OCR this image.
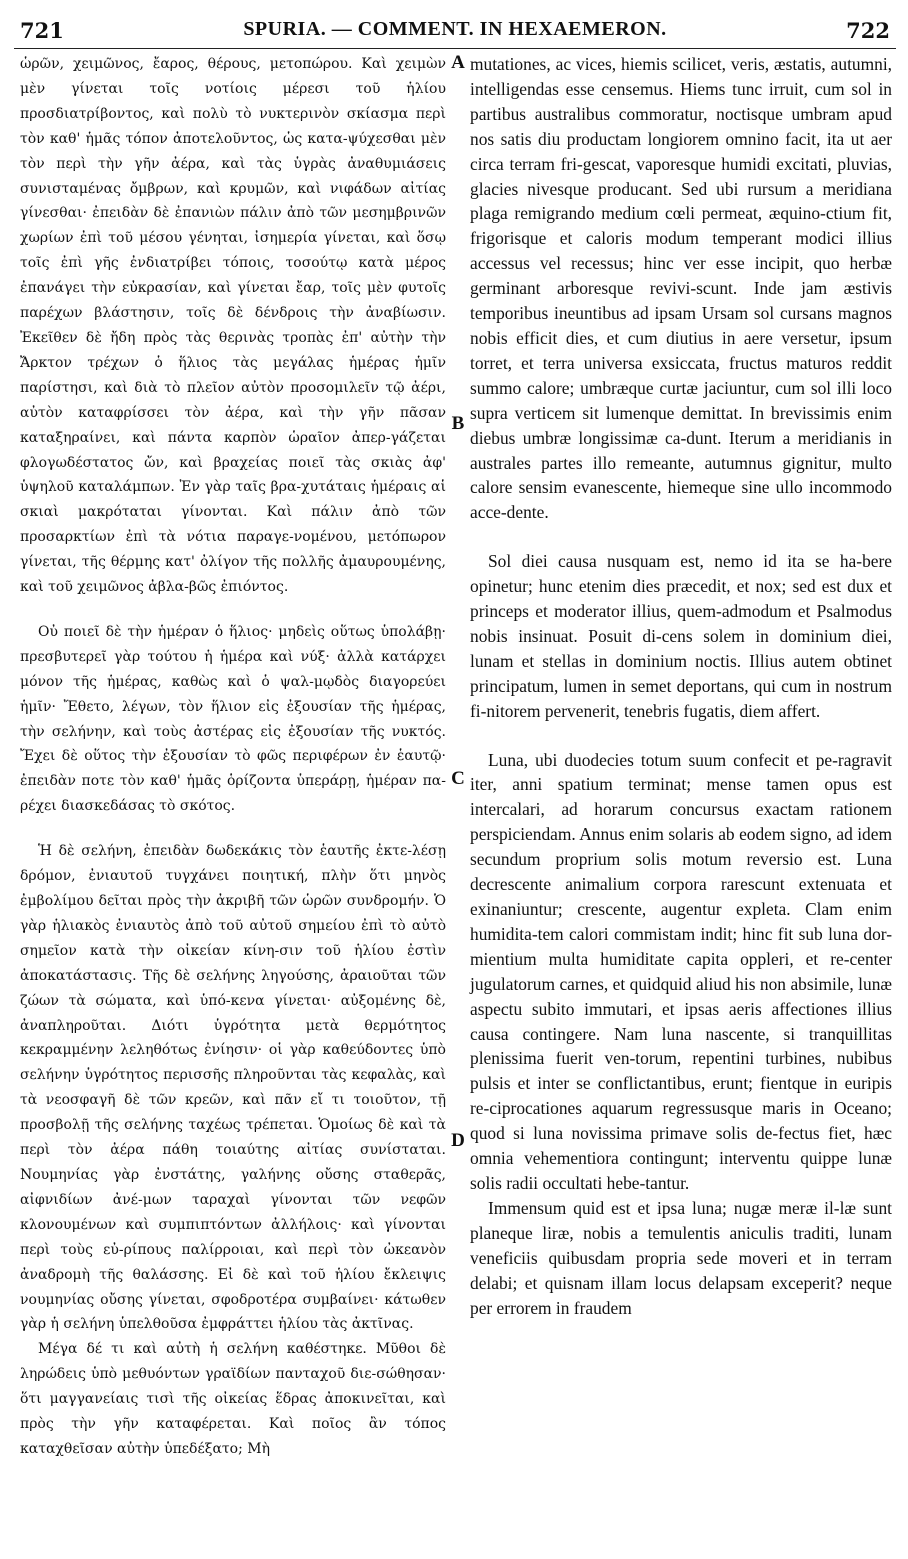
721	SPURIA. — COMMENT. IN HEXAEMERON.	722

ὡρῶν, χειμῶνος, ἔαρος, θέρους, μετοπώρου. Καὶ χειμὼν μὲν γίνεται τοῖς νοτίοις μέρεσι τοῦ ἡλίου προσδιατρίβοντος, καὶ πολὺ τὸ νυκτερινὸν σκίασμα περὶ τὸν καθ' ἡμᾶς τόπον ἀποτελοῦντος, ὡς κατα-ψύχεσθαι μὲν τὸν περὶ τὴν γῆν ἀέρα, καὶ τὰς ὑγρὰς ἀναθυμιάσεις συνισταμένας ὄμβρων, καὶ κρυμῶν, καὶ νιφάδων αἰτίας γίνεσθαι· ἐπειδὰν δὲ ἐπανιὼν πάλιν ἀπὸ τῶν μεσημβρινῶν χωρίων ἐπὶ τοῦ μέσου γένηται, ἰσημερία γίνεται, καὶ ὅσῳ τοῖς ἐπὶ γῆς ἐνδιατρίβει τόποις, τοσούτῳ κατὰ μέρος ἐπανάγει τὴν εὐκρασίαν, καὶ γίνεται ἔαρ, τοῖς μὲν φυτοῖς παρέχων βλάστησιν, τοῖς δὲ δένδροις τὴν ἀναβίωσιν. Ἐκεῖθεν δὲ ἤδη πρὸς τὰς θερινὰς τροπὰς ἐπ' αὐτὴν τὴν Ἄρκτον τρέχων ὁ ἥλιος τὰς μεγάλας ἡμέρας ἡμῖν παρίστησι, καὶ διὰ τὸ πλεῖον αὐτὸν προσομιλεῖν τῷ ἀέρι, αὐτὸν καταφρίσσει τὸν ἀέρα, καὶ τὴν γῆν πᾶσαν καταξηραίνει, καὶ πάντα καρπὸν ὡραῖον ἀπερ-γάζεται φλογωδέστατος ὤν, καὶ βραχείας ποιεῖ τὰς σκιὰς ἀφ' ὑψηλοῦ καταλάμπων. Ἐν γὰρ ταῖς βρα-χυτάταις ἡμέραις αἱ σκιαὶ μακρόταται γίνονται. Καὶ πάλιν ἀπὸ τῶν προσαρκτίων ἐπὶ τὰ νότια παραγε-νομένου, μετόπωρον γίνεται, τῆς θέρμης κατ' ὀλίγον τῆς πολλῆς ἀμαυρουμένης, καὶ τοῦ χειμῶνος ἀβλα-βῶς ἐπιόντος.

Οὐ ποιεῖ δὲ τὴν ἡμέραν ὁ ἥλιος· μηδεὶς οὕτως ὑπολάβῃ· πρεσβυτερεῖ γὰρ τούτου ἡ ἡμέρα καὶ νύξ· ἀλλὰ κατάρχει μόνον τῆς ἡμέρας, καθὼς καὶ ὁ ψαλ-μῳδὸς διαγορεύει ἡμῖν· Ἔθετο, λέγων, τὸν ἥλιον εἰς ἐξουσίαν τῆς ἡμέρας, τὴν σελήνην, καὶ τοὺς ἀστέρας εἰς ἐξουσίαν τῆς νυκτός. Ἔχει δὲ οὕτος τὴν ἐξουσίαν τὸ φῶς περιφέρων ἐν ἑαυτῷ· ἐπειδὰν ποτε τὸν καθ' ἡμᾶς ὁρίζοντα ὑπεράρῃ, ἡμέραν πα-ρέχει διασκεδάσας τὸ σκότος.

Ἡ δὲ σελήνη, ἐπειδὰν δωδεκάκις τὸν ἑαυτῆς ἐκτε-λέσῃ δρόμον, ἐνιαυτοῦ τυγχάνει ποιητική, πλὴν ὅτι μηνὸς ἐμβολίμου δεῖται πρὸς τὴν ἀκριβῆ τῶν ὡρῶν συνδρομήν. Ὁ γὰρ ἡλιακὸς ἐνιαυτὸς ἀπὸ τοῦ αὐτοῦ σημείου ἐπὶ τὸ αὐτὸ σημεῖον κατὰ τὴν οἰκείαν κίνη-σιν τοῦ ἡλίου ἐστὶν ἀποκατάστασις. Τῆς δὲ σελήνης ληγούσης, ἀραιοῦται τῶν ζώων τὰ σώματα, καὶ ὑπό-κενα γίνεται· αὐξομένης δὲ, ἀναπληροῦται. Διότι ὑγρότητα μετὰ θερμότητος κεκραμμένην λεληθότως ἐνίησιν· οἱ γὰρ καθεύδοντες ὑπὸ σελήνην ὑγρότητος περισσῆς πληροῦνται τὰς κεφαλὰς, καὶ τὰ νεοσφαγῆ δὲ τῶν κρεῶν, καὶ πᾶν εἴ τι τοιοῦτον, τῇ προσβολῇ τῆς σελήνης ταχέως τρέπεται. Ὁμοίως δὲ καὶ τὰ περὶ τὸν ἀέρα πάθη τοιαύτης αἰτίας συνίσταται. Νουμηνίας γὰρ ἐνστάτης, γαλήνης οὔσης σταθερᾶς, αἰφνιδίων ἀνέ-μων ταραχαὶ γίνονται τῶν νεφῶν κλονουμένων καὶ συμπιπτόντων ἀλλήλοις· καὶ γίνονται περὶ τοὺς εὐ-ρίπους παλίρροιαι, καὶ περὶ τὸν ὠκεανὸν ἀναδρομὴ τῆς θαλάσσης. Εἰ δὲ καὶ τοῦ ἡλίου ἔκλειψις νουμηνίας οὔσης γίνεται, σφοδροτέρα συμβαίνει· κάτωθεν γὰρ ἡ σελήνη ὑπελθοῦσα ἐμφράττει ἡλίου τὰς ἀκτῖνας.

Μέγα δέ τι καὶ αὐτὴ ἡ σελήνη καθέστηκε. Μῦθοι δὲ ληρώδεις ὑπὸ μεθυόντων γραϊδίων πανταχοῦ διε-σώθησαν· ὅτι μαγγανείαις τισὶ τῆς οἰκείας ἕδρας ἀποκινεῖται, καὶ πρὸς τὴν γῆν καταφέρεται. Καὶ ποῖος ἂν τόπος καταχθεῖσαν αὐτὴν ὑπεδέξατο; Μὴ

A
B
C
D

mutationes, ac vices, hiemis scilicet, veris, æstatis, autumni, intelligendas esse censemus. Hiems tunc irruit, cum sol in partibus australibus commoratur, noctisque umbram apud nos satis diu productam longiorem omnino facit, ita ut aer circa terram fri-gescat, vaporesque humidi excitati, pluvias, glacies nivesque producant. Sed ubi rursum a meridiana plaga remigrando medium cœli permeat, æquino-ctium fit, frigorisque et caloris modum temperant modici illius accessus vel recessus; hinc ver esse incipit, quo herbæ germinant arboresque revivi-scunt. Inde jam æstivis temporibus ineuntibus ad ipsam Ursam sol cursans magnos nobis efficit dies, et cum diutius in aere versetur, ipsum torret, et terra universa exsiccata, fructus maturos reddit summo calore; umbræque curtæ jaciuntur, cum sol illi loco supra verticem sit lumenque demittat. In brevissimis enim diebus umbræ longissimæ ca-dunt. Iterum a meridianis in australes partes illo remeante, autumnus gignitur, multo calore sensim evanescente, hiemeque sine ullo incommodo acce-dente.

Sol diei causa nusquam est, nemo id ita se ha-bere opinetur; hunc etenim dies præcedit, et nox; sed est dux et princeps et moderator illius, quem-admodum et Psalmodus nobis insinuat. Posuit di-cens solem in dominium diei, lunam et stellas in dominium noctis. Illius autem obtinet principatum, lumen in semet deportans, qui cum in nostrum fi-nitorem pervenerit, tenebris fugatis, diem affert.

Luna, ubi duodecies totum suum confecit et pe-ragravit iter, anni spatium terminat; mense tamen opus est intercalari, ad horarum concursus exactam rationem perspiciendam. Annus enim solaris ab eodem signo, ad idem secundum proprium solis motum reversio est. Luna decrescente animalium corpora rarescunt extenuata et exinaniuntur; crescente, augentur expleta. Clam enim humidita-tem calori commistam indit; hinc fit sub luna dor-mientium multa humiditate capita oppleri, et re-center jugulatorum carnes, et quidquid aliud his non absimile, lunæ aspectu subito immutari, et ipsas aeris affectiones illius causa contingere. Nam luna nascente, si tranquillitas plenissima fuerit ven-torum, repentini turbines, nubibus pulsis et inter se conflictantibus, erunt; fientque in euripis re-ciprocationes aquarum regressusque maris in Oceano; quod si luna novissima primave solis de-fectus fiet, hæc omnia vehementiora contingunt; interventu quippe lunæ solis radii occultati hebe-tantur.

Immensum quid est et ipsa luna; nugæ meræ il-læ sunt planeque liræ, nobis a temulentis aniculis traditi, lunam veneficiis quibusdam propria sede moveri et in terram delabi; et quisnam illam locus delapsam exceperit? neque per errorem in fraudem
